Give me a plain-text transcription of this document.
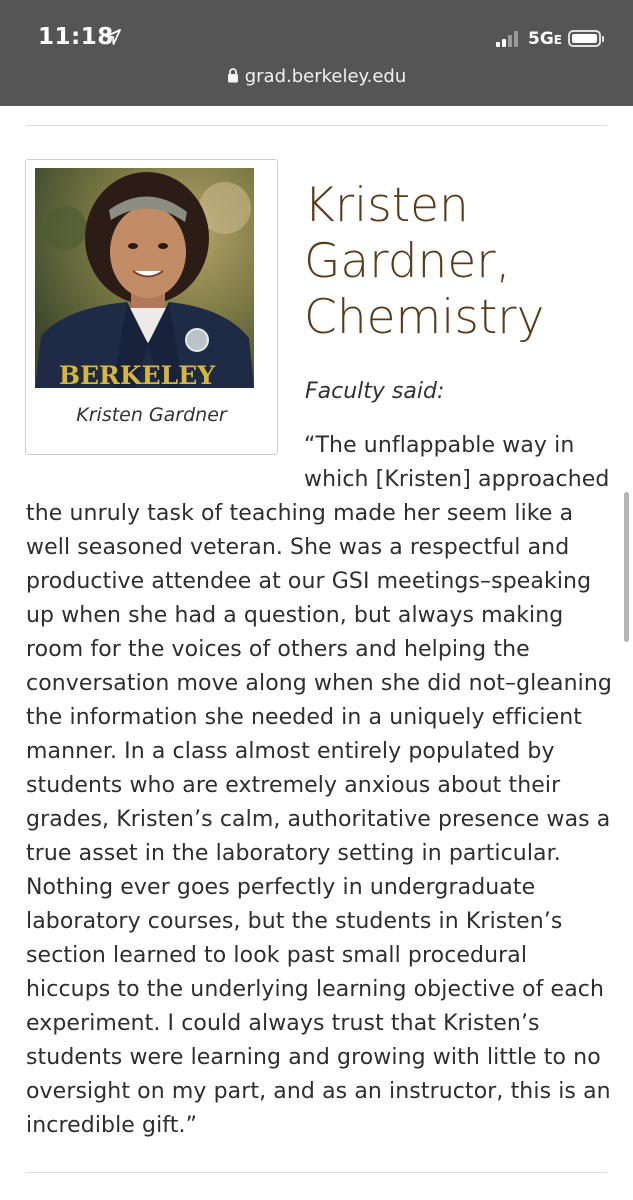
11:18	5GE
grad.berkeley.edu
BERKELEY
Kristen Gardner
Kristen Gardner, Chemistry

Faculty said:

“The unflappable way in which [Kristen] approached the unruly task of teaching made her seem like a well seasoned veteran. She was a respectful and productive attendee at our GSI meetings–speaking up when she had a question, but always making room for the voices of others and helping the conversation move along when she did not–gleaning the information she needed in a uniquely efficient manner. In a class almost entirely populated by students who are extremely anxious about their grades, Kristen’s calm, authoritative presence was a true asset in the laboratory setting in particular. Nothing ever goes perfectly in undergraduate laboratory courses, but the students in Kristen’s section learned to look past small procedural hiccups to the underlying learning objective of each experiment. I could always trust that Kristen’s students were learning and growing with little to no oversight on my part, and as an instructor, this is an incredible gift.”
